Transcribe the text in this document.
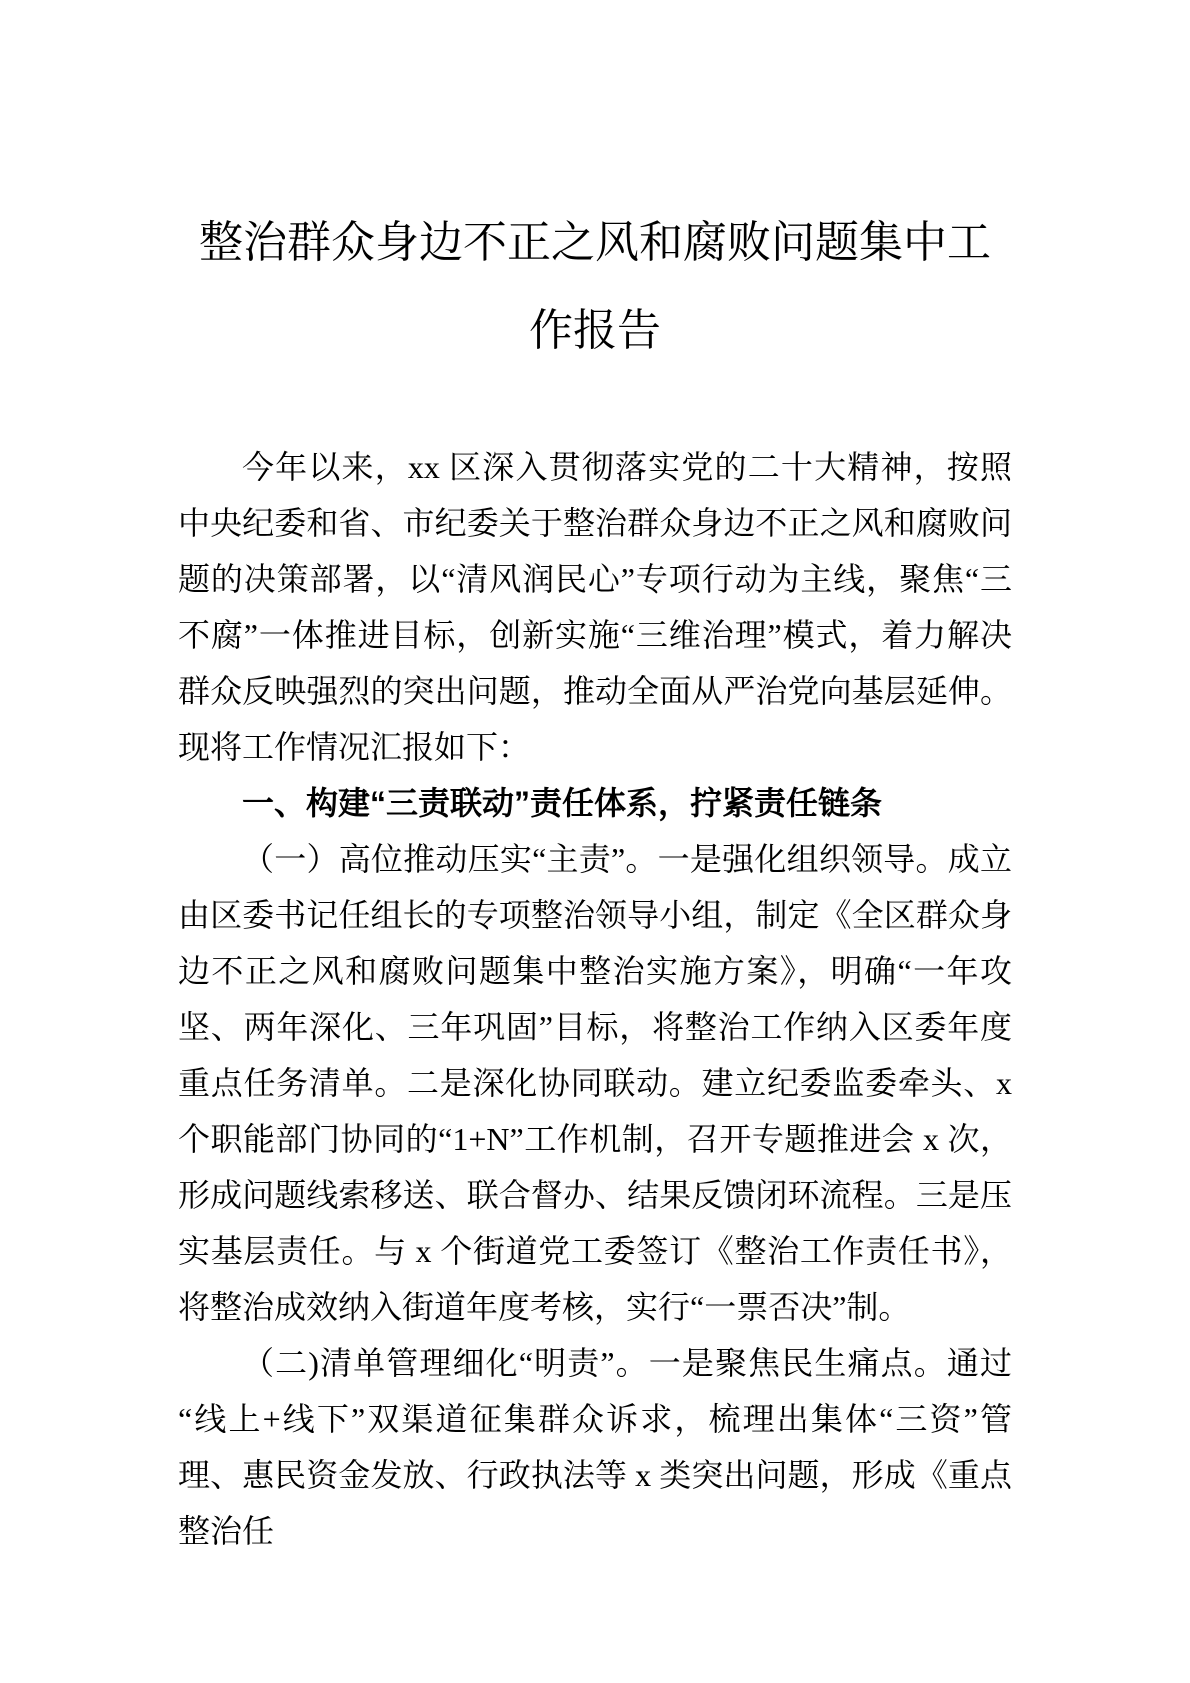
整治群众身边不正之风和腐败问题集中工作报告

今年以来，xx 区深入贯彻落实党的二十大精神，按照中央纪委和省、市纪委关于整治群众身边不正之风和腐败问题的决策部署，以“清风润民心”专项行动为主线，聚焦“三不腐”一体推进目标，创新实施“三维治理”模式，着力解决群众反映强烈的突出问题，推动全面从严治党向基层延伸。现将工作情况汇报如下：

一、构建“三责联动”责任体系，拧紧责任链条

（一）高位推动压实“主责”。一是强化组织领导。成立由区委书记任组长的专项整治领导小组，制定《全区群众身边不正之风和腐败问题集中整治实施方案》，明确“一年攻坚、两年深化、三年巩固”目标，将整治工作纳入区委年度重点任务清单。二是深化协同联动。建立纪委监委牵头、x 个职能部门协同的“1+N”工作机制，召开专题推进会 x 次，形成问题线索移送、联合督办、结果反馈闭环流程。三是压实基层责任。与 x 个街道党工委签订《整治工作责任书》，将整治成效纳入街道年度考核，实行“一票否决”制。

（二)清单管理细化“明责”。一是聚焦民生痛点。通过“线上+线下”双渠道征集群众诉求，梳理出集体“三资”管理、惠民资金发放、行政执法等 x 类突出问题，形成《重点整治任
